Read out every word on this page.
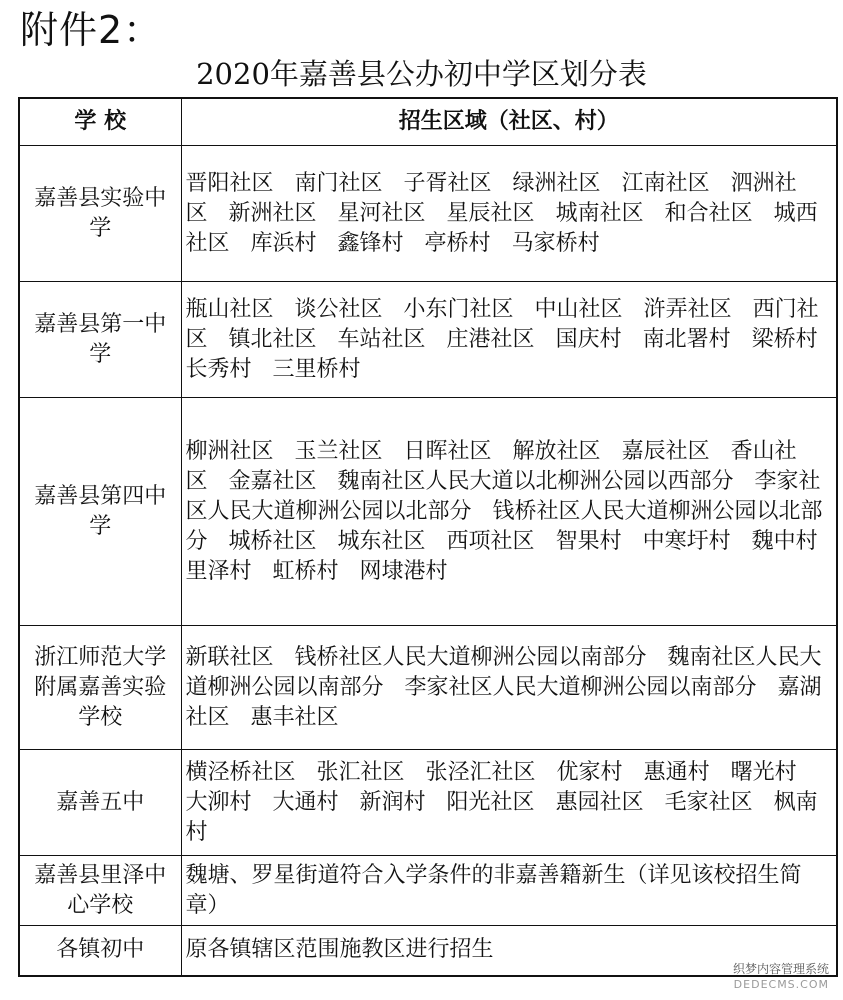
附件2：
2020年嘉善县公办初中学区划分表
学 校	招生区域（社区、村）
嘉善县实验中学	晋阳社区 南门社区 子胥社区 绿洲社区 江南社区 泗洲社区 新洲社区 星河社区 星辰社区 城南社区 和合社区 城西社区 库浜村 鑫锋村 亭桥村 马家桥村
嘉善县第一中学	瓶山社区 谈公社区 小东门社区 中山社区 浒弄社区 西门社区 镇北社区 车站社区 庄港社区 国庆村 南北署村 梁桥村 长秀村 三里桥村
嘉善县第四中学	柳洲社区 玉兰社区 日晖社区 解放社区 嘉辰社区 香山社区 金嘉社区 魏南社区人民大道以北柳洲公园以西部分 李家社区人民大道柳洲公园以北部分 钱桥社区人民大道柳洲公园以北部分 城桥社区 城东社区 西项社区 智果村 中寒圩村 魏中村 里泽村 虹桥村 网埭港村
浙江师范大学附属嘉善实验学校	新联社区 钱桥社区人民大道柳洲公园以南部分 魏南社区人民大道柳洲公园以南部分 李家社区人民大道柳洲公园以南部分 嘉湖社区 惠丰社区
嘉善五中	横泾桥社区 张汇社区 张泾汇社区 优家村 惠通村 曙光村 大泖村 大通村 新润村 阳光社区 惠园社区 毛家社区 枫南村
嘉善县里泽中心学校	魏塘、罗星街道符合入学条件的非嘉善籍新生（详见该校招生简章）
各镇初中	原各镇辖区范围施教区进行招生
织梦内容管理系统
DEDECMS.COM
